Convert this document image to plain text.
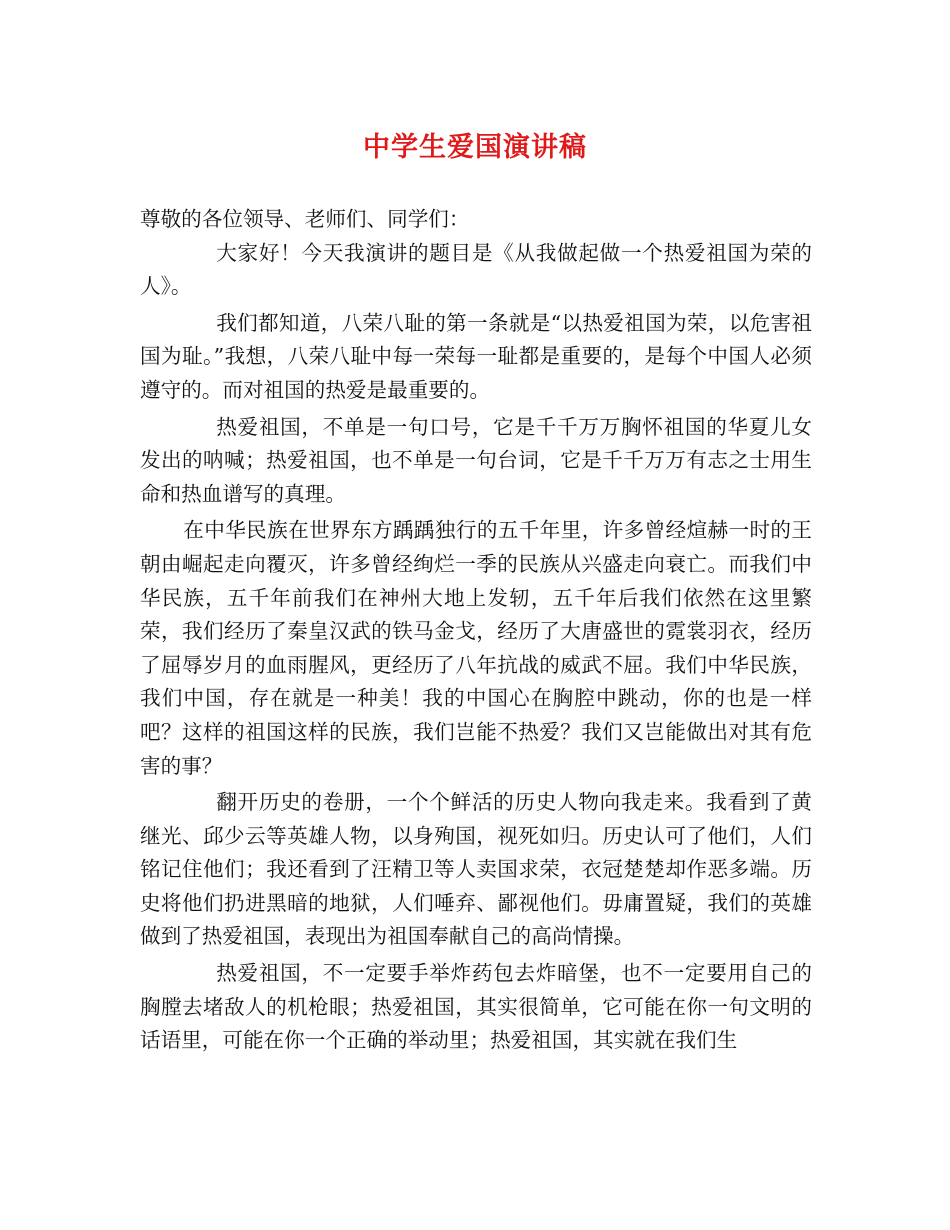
中学生爱国演讲稿

尊敬的各位领导、老师们、同学们：

大家好！今天我演讲的题目是《从我做起做一个热爱祖国为荣的人》。

我们都知道，八荣八耻的第一条就是“以热爱祖国为荣，以危害祖国为耻。”我想，八荣八耻中每一荣每一耻都是重要的，是每个中国人必须遵守的。而对祖国的热爱是最重要的。

热爱祖国，不单是一句口号，它是千千万万胸怀祖国的华夏儿女发出的呐喊；热爱祖国，也不单是一句台词，它是千千万万有志之士用生命和热血谱写的真理。

在中华民族在世界东方踽踽独行的五千年里，许多曾经煊赫一时的王朝由崛起走向覆灭，许多曾经绚烂一季的民族从兴盛走向衰亡。而我们中华民族，五千年前我们在神州大地上发轫，五千年后我们依然在这里繁荣，我们经历了秦皇汉武的铁马金戈，经历了大唐盛世的霓裳羽衣，经历了屈辱岁月的血雨腥风，更经历了八年抗战的威武不屈。我们中华民族，我们中国，存在就是一种美！我的中国心在胸腔中跳动，你的也是一样吧？这样的祖国这样的民族，我们岂能不热爱？我们又岂能做出对其有危害的事？

翻开历史的卷册，一个个鲜活的历史人物向我走来。我看到了黄继光、邱少云等英雄人物，以身殉国，视死如归。历史认可了他们，人们铭记住他们；我还看到了汪精卫等人卖国求荣，衣冠楚楚却作恶多端。历史将他们扔进黑暗的地狱，人们唾弃、鄙视他们。毋庸置疑，我们的英雄做到了热爱祖国，表现出为祖国奉献自己的高尚情操。

热爱祖国，不一定要手举炸药包去炸暗堡，也不一定要用自己的胸膛去堵敌人的机枪眼；热爱祖国，其实很简单，它可能在你一句文明的话语里，可能在你一个正确的举动里；热爱祖国，其实就在我们生
